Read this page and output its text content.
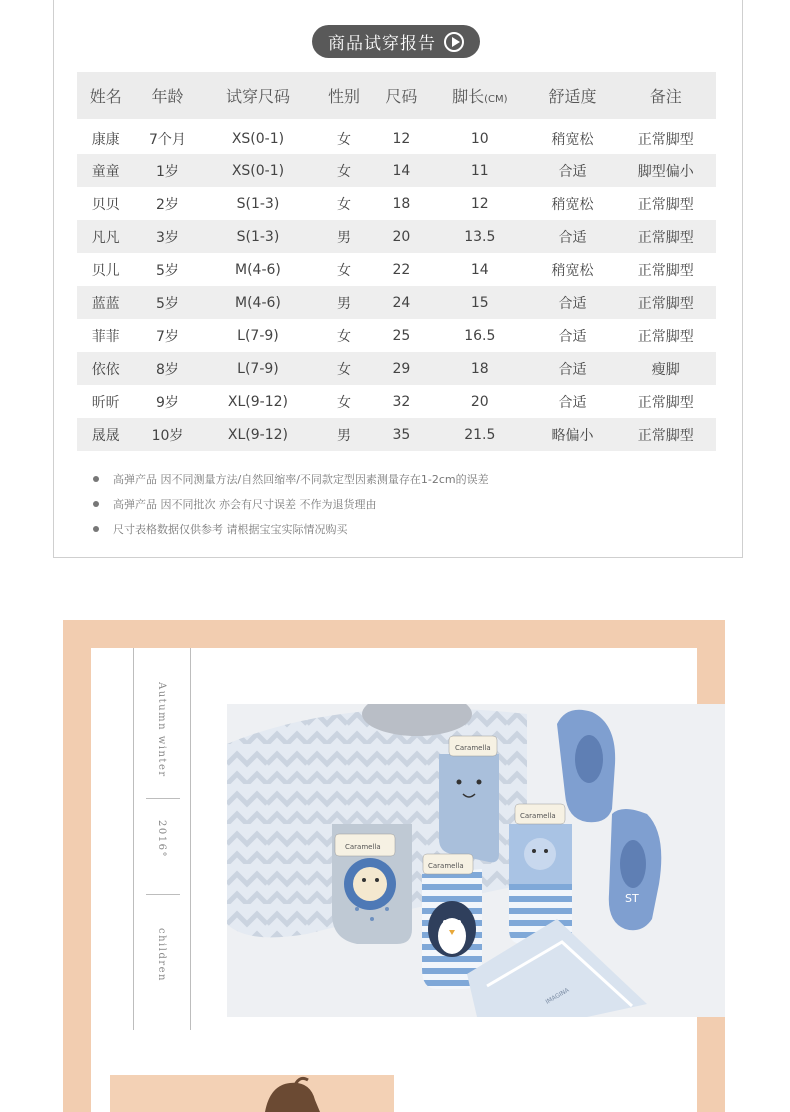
商品试穿报告
姓名	年龄	试穿尺码	性别	尺码	脚长(CM)	舒适度	备注
康康	7个月	XS(0-1)	女	12	10	稍宽松	正常脚型
童童	1岁	XS(0-1)	女	14	11	合适	脚型偏小
贝贝	2岁	S(1-3)	女	18	12	稍宽松	正常脚型
凡凡	3岁	S(1-3)	男	20	13.5	合适	正常脚型
贝儿	5岁	M(4-6)	女	22	14	稍宽松	正常脚型
蓝蓝	5岁	M(4-6)	男	24	15	合适	正常脚型
菲菲	7岁	L(7-9)	女	25	16.5	合适	正常脚型
依依	8岁	L(7-9)	女	29	18	合适	瘦脚
昕昕	9岁	XL(9-12)	女	32	20	合适	正常脚型
晟晟	10岁	XL(9-12)	男	35	21.5	略偏小	正常脚型
高弹产品 因不同测量方法/自然回缩率/不同款定型因素测量存在1-2cm的误差
高弹产品 因不同批次 亦会有尺寸误差 不作为退货理由
尺寸表格数据仅供参考 请根据宝宝实际情况购买
Autumn winter
2016°
children
Caramella
Caramella
Caramella
Caramella
ST
IMAGINA
